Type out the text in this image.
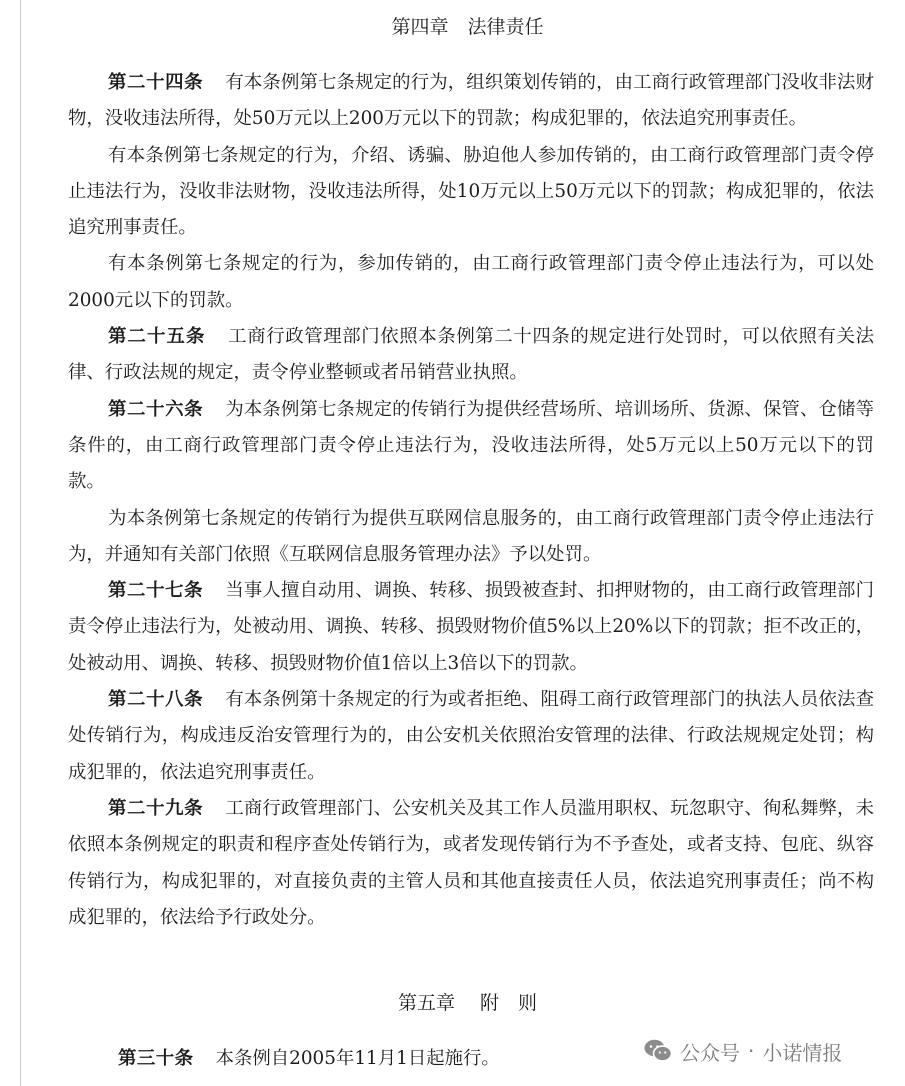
第四章　法律责任

第二十四条 有本条例第七条规定的行为，组织策划传销的，由工商行政管理部门没收非法财物，没收违法所得，处50万元以上200万元以下的罚款；构成犯罪的，依法追究刑事责任。

有本条例第七条规定的行为，介绍、诱骗、胁迫他人参加传销的，由工商行政管理部门责令停止违法行为，没收非法财物，没收违法所得，处10万元以上50万元以下的罚款；构成犯罪的，依法追究刑事责任。

有本条例第七条规定的行为，参加传销的，由工商行政管理部门责令停止违法行为，可以处2000元以下的罚款。

第二十五条 工商行政管理部门依照本条例第二十四条的规定进行处罚时，可以依照有关法律、行政法规的规定，责令停业整顿或者吊销营业执照。

第二十六条 为本条例第七条规定的传销行为提供经营场所、培训场所、货源、保管、仓储等条件的，由工商行政管理部门责令停止违法行为，没收违法所得，处5万元以上50万元以下的罚款。

为本条例第七条规定的传销行为提供互联网信息服务的，由工商行政管理部门责令停止违法行为，并通知有关部门依照《互联网信息服务管理办法》予以处罚。

第二十七条 当事人擅自动用、调换、转移、损毁被查封、扣押财物的，由工商行政管理部门责令停止违法行为，处被动用、调换、转移、损毁财物价值5%以上20%以下的罚款；拒不改正的，处被动用、调换、转移、损毁财物价值1倍以上3倍以下的罚款。

第二十八条 有本条例第十条规定的行为或者拒绝、阻碍工商行政管理部门的执法人员依法查处传销行为，构成违反治安管理行为的，由公安机关依照治安管理的法律、行政法规规定处罚；构成犯罪的，依法追究刑事责任。

第二十九条 工商行政管理部门、公安机关及其工作人员滥用职权、玩忽职守、徇私舞弊，未依照本条例规定的职责和程序查处传销行为，或者发现传销行为不予查处，或者支持、包庇、纵容传销行为，构成犯罪的，对直接负责的主管人员和其他直接责任人员，依法追究刑事责任；尚不构成犯罪的，依法给予行政处分。

第五章　 附　则

第三十条 本条例自2005年11月1日起施行。	公众号 · 小诺情报
